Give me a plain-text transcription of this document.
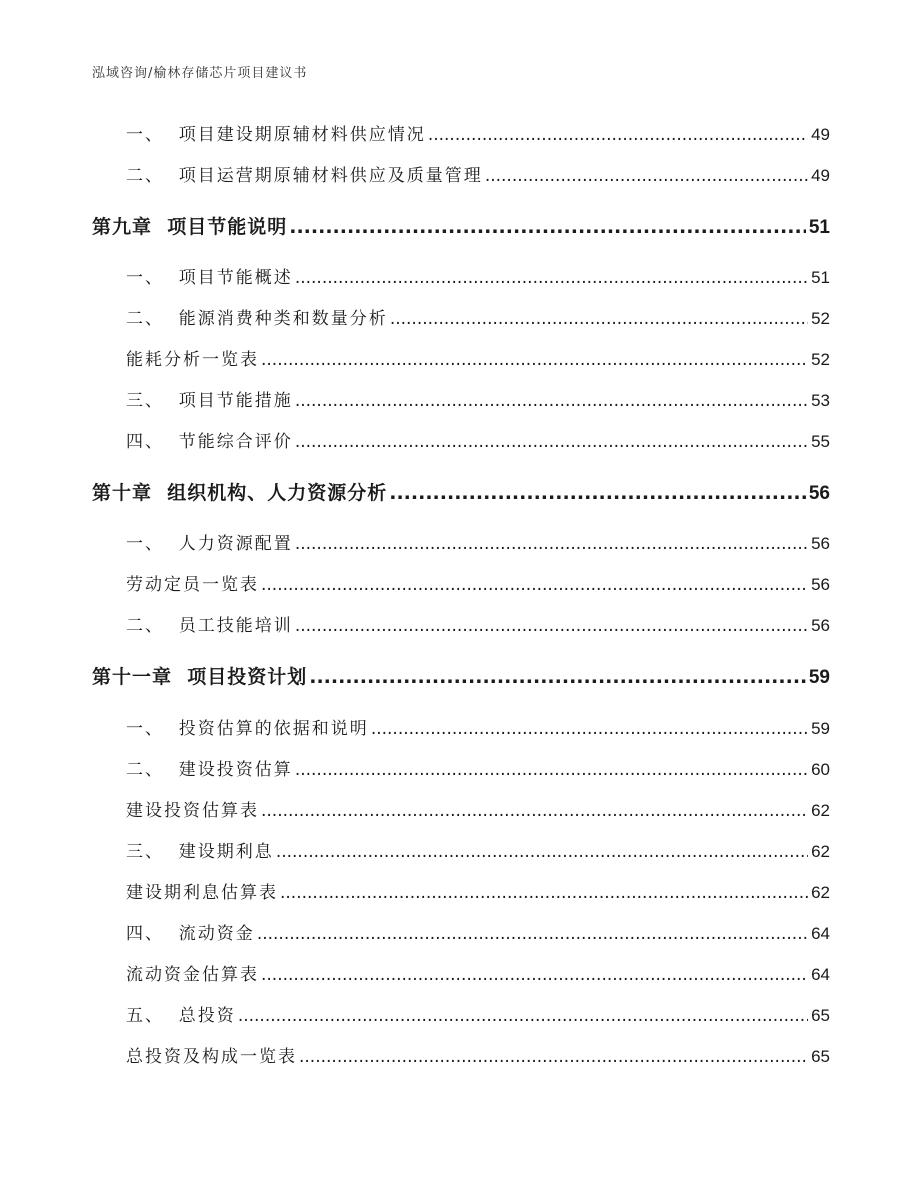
泓域咨询/榆林存储芯片项目建议书
一、  项目建设期原辅材料供应情况 .....	49
二、  项目运营期原辅材料供应及质量管理 .....	49
第九章  项目节能说明 .....	51
一、  项目节能概述 .....	51
二、  能源消费种类和数量分析 .....	52
能耗分析一览表 .....	52
三、  项目节能措施 .....	53
四、  节能综合评价 .....	55
第十章  组织机构、人力资源分析 .....	56
一、  人力资源配置 .....	56
劳动定员一览表 .....	56
二、  员工技能培训 .....	56
第十一章  项目投资计划 .....	59
一、  投资估算的依据和说明 .....	59
二、  建设投资估算 .....	60
建设投资估算表 .....	62
三、  建设期利息 .....	62
建设期利息估算表 .....	62
四、  流动资金 .....	64
流动资金估算表 .....	64
五、  总投资 .....	65
总投资及构成一览表 .....	65
